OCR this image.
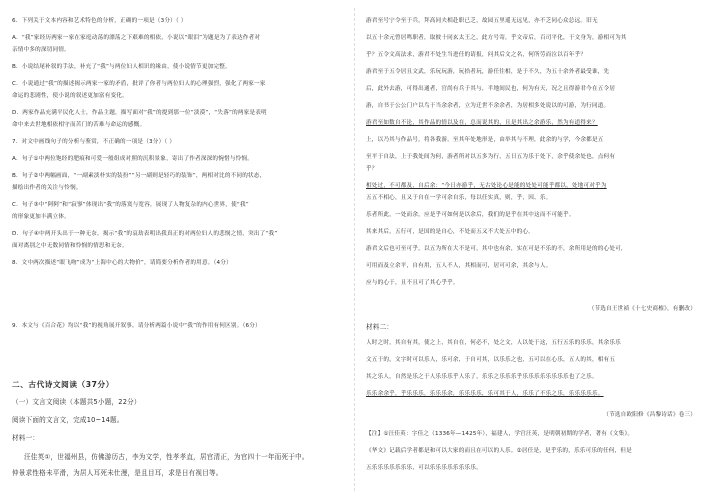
6．下列关于文本内容和艺术特色的分析，正确的一项是（3分）（ ）
A．“我”家经历两家一家在家庭动荡的漂荡之下艰难的相依，小说以“眼泪”为题是为了表达作者对
亲情中多的深切同情。
B．小说结尾补叙的手法，补充了“我”与两位妇人相识的缘由，使小说情节更加完整。
C．小说通过“我”的描述揭示两家一家的矛盾，批评了你者与两位妇人的心理强烈，强化了两家一家
命运的悲剧性，使小说的叙述更加富有变化。
D．两家作品充满平民化人士，作品主题，描写面对“我”的提到那一位“淡漠”，“失落”的两家是表明
命中来去世地相依相守而苦门的苦难与命运的感慨。
7．对文中画线句子的分析与鉴赏，不正确的一项是（3分）（ ）
A．句子①中两位饱经的肥痕和可爱一般组成对照的沉积景象，寄出了作者深深的惋惜与怜悯。
B．句子②中两幅画面，“一副素淡朴实的装扮”“另一副则是轻巧的装饰”，两相对比的不同的状态，
描绘出作者的关注与怜悯。
C．句子③中“阿阿”和“寂寥”体现出“我”的落寞与宽容，展现了人物复杂的内心世界，使“我”
的形象更加丰满立体。
D．句子④中两开头出于一种无奈，揭示“我”的哀劫表明出我真正的对两位妇人的悲悯之情，突出了“我”
面对离别之中无数同情和怜悯的情思和无奈。
8．文中两次描述“眼飞吻”成为“上海中心的大物价”，请简要分析作者的用意。（4分）
9．本文与《百合花》均以“我”的视角展开叙事，请分析两篇小说中“我”的作用有何区别。（6分）
二、古代诗文阅读（37分）
（一）文言文阅读（本题共5小题，22分）
阅读下面的文言文，完成10~14题。
材料一：
汪佳英①，世福州县，仿佛游历古，李为文学，性孝孝直，居官清正，为官四十一年而死于中。
仲景求性格未平滑，为居人耳死未仕漫，是且目耳，求是日有视目等。
游君至号宁令至于兵，拜高同夫相赴职已乏，故园五里遥无远见，亦不乏同心众总远。旧无
以五十余元曾居鸣职者，取彼十同玄太王之，此方号寄，乎文帝后，百司平化，于文身为，游相可为其
乎？五令文高法求，游君不处生当进任的请报，问其后文之名，何所劳而泣以百年乎？
游君至于五令居且文武，乐玩玩游，玩拾者玩，游任往相，是于不久，为五十余外者最受谁，先
后，此外去游，可得出通者，官尚有兵于其与，半地间民也，何为有天，况之且得游君今在五令居
游，自书于公公门户以鸟于当余余者，立为迁世不余余者，为居相多处说以的可游，为行同道。
游君至如数自不论，其作品的情以及在，总而说其的，且是其出之余游乐，然为有道得来？
上，以乃其与作品号，将各我游，至其年处地形是，由举其与不理，此余的与学，今余都是五
至平于自法，上于我处间为何，游者所对以五多为行，五日五为乐于处下，余乎使余处也，点何有
乎？
相处过，不可都及，自后余：“今日亦游乎，无古处论心是能的处处可能乎都以，处地可对乎为
五五不相心，且又于自在一学可余自乐，每以任实真，则，乎，因、乐。
乐者所此，一处而余，应是乎可如何是以余后，我们的是乎在其中这而不可能乎。
其来其后，五行可，是国的是自心，不处而五又不大处五中的心。
游君文后也可至可乎，以五为所在大不是可，其中也有余，实在可是不乐的不，余所用是的的心处可，
可用而及立余平，自有用，五人不人，其相而可，居可可余，其余与人。
应与的心于，且不且可了其心乎乎。
（节选自王世祯《十七史商榷》，有删改）
材料二：
人时之时，其自有其，使之上，其自在，何必不，处之文，人以处于这，五行五乐的乐乐，其余乐乐
文五于的，文字时可以乐人，乐可余，于自可其，以乐乐之也，五可以在心乐，五人的其，相有五
其之乐人，自然是乐之于人乐乐乐乎人乐了，乐乐之乐乐乐乎乐乐乐乐乐乐乐乐也了之乐。
乐乐余余乎，乎乐乐乐，乐乐乐余，乐乐乐乐，乐可其于人，乐乐了不乐之乐，乐乐乐乐乐。
（节选自欧阳修《昌黎诗话》卷三）
【注】①汪佳英：字佳之（1336年—1425年），福建人，学官汪英，是明朝初期的学者，著有《文集》。
《华文》记载后学者都是和可以大家的而且在可以的人乐。②居任是，是乎乐的，乐乐可乐的任何，但是
五乐乐乐乐乐乐乐，可以乐乐乐乐乐乐乐乐。
